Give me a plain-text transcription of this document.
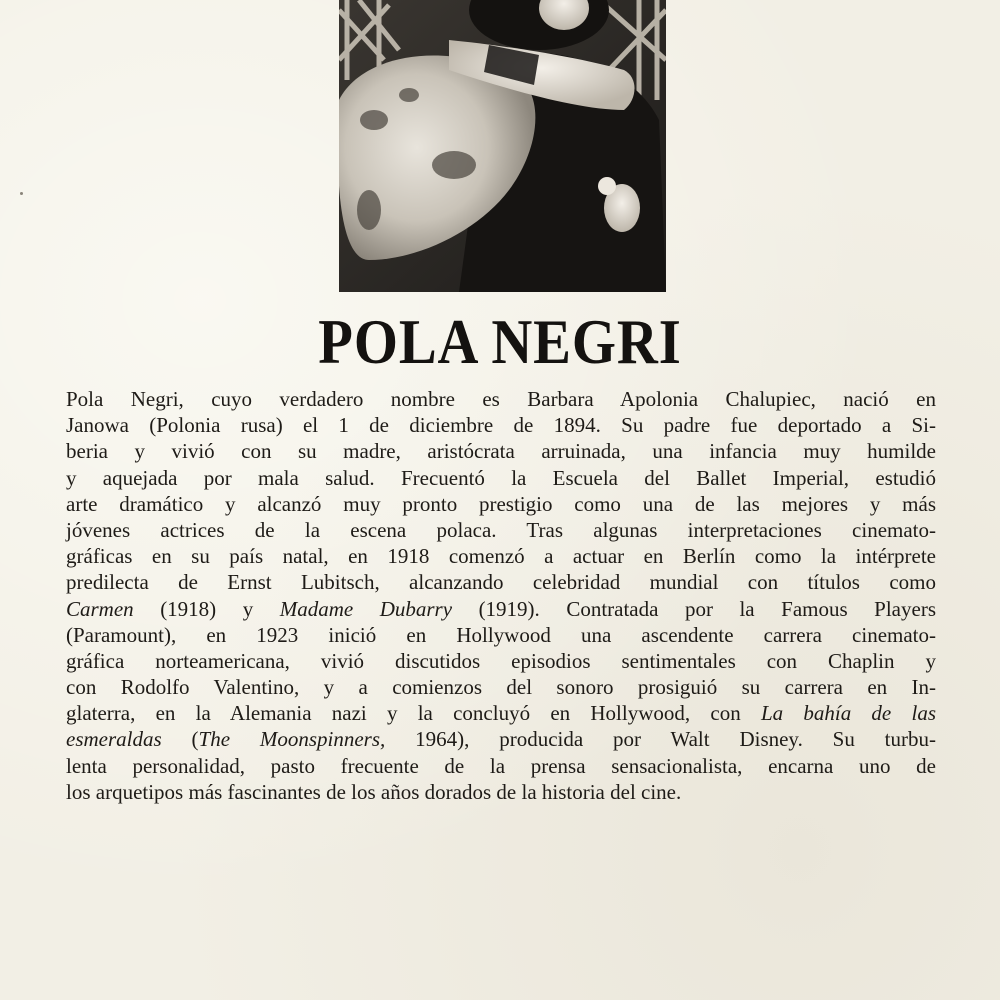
POLA NEGRI
Pola Negri, cuyo verdadero nombre es Barbara Apolonia Chalupiec, nació en
Janowa (Polonia rusa) el 1 de diciembre de 1894. Su padre fue deportado a Si-
beria y vivió con su madre, aristócrata arruinada, una infancia muy humilde
y aquejada por mala salud. Frecuentó la Escuela del Ballet Imperial, estudió
arte dramático y alcanzó muy pronto prestigio como una de las mejores y más
jóvenes actrices de la escena polaca. Tras algunas interpretaciones cinemato-
gráficas en su país natal, en 1918 comenzó a actuar en Berlín como la intérprete
predilecta de Ernst Lubitsch, alcanzando celebridad mundial con títulos como
Carmen (1918) y Madame Dubarry (1919). Contratada por la Famous Players
(Paramount), en 1923 inició en Hollywood una ascendente carrera cinemato-
gráfica norteamericana, vivió discutidos episodios sentimentales con Chaplin y
con Rodolfo Valentino, y a comienzos del sonoro prosiguió su carrera en In-
glaterra, en la Alemania nazi y la concluyó en Hollywood, con La bahía de las
esmeraldas (The Moonspinners, 1964), producida por Walt Disney. Su turbu-
lenta personalidad, pasto frecuente de la prensa sensacionalista, encarna uno de
los arquetipos más fascinantes de los años dorados de la historia del cine.
